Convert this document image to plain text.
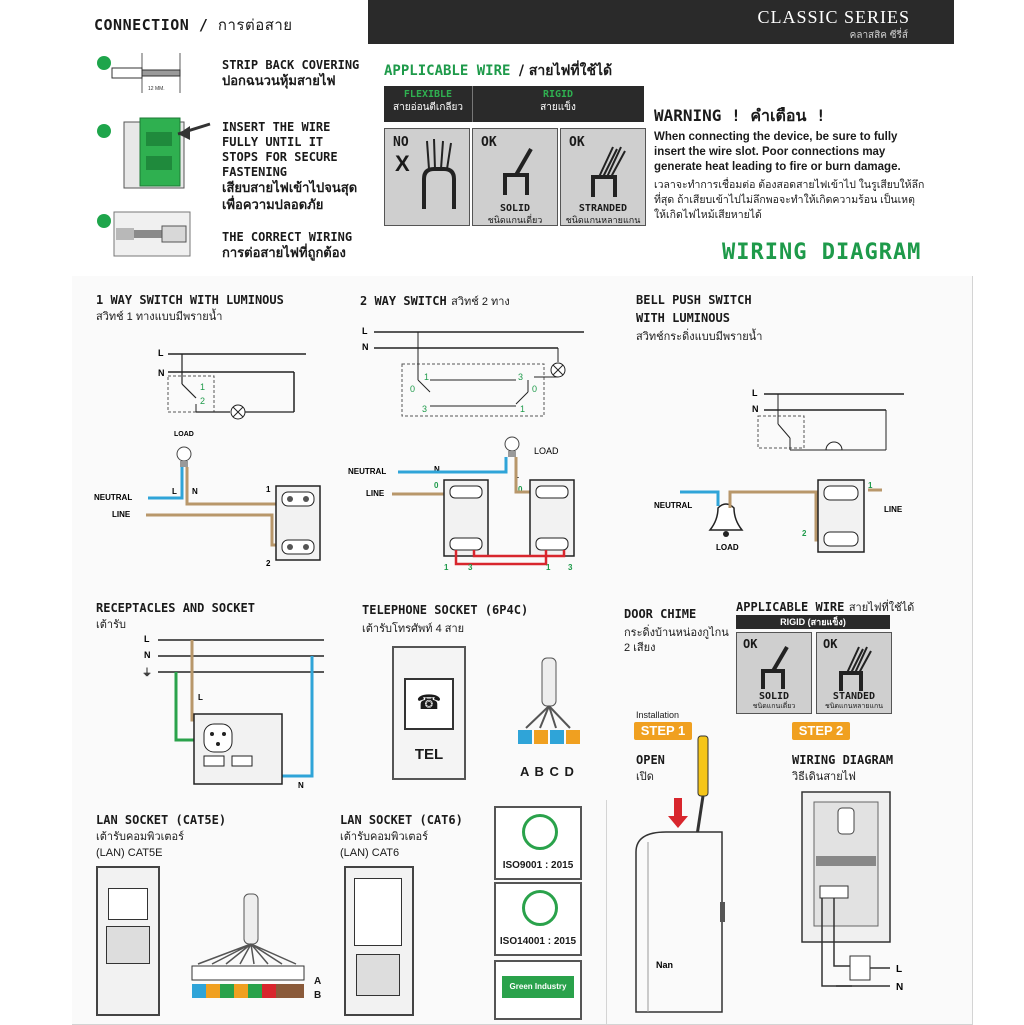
CONNECTION / การต่อสาย	CLASSIC SERIES
คลาสสิค ซีรี่ส์
12 MM.
STRIP BACK COVERING
ปอกฉนวนหุ้มสายไฟ
INSERT THE WIRE FULLY UNTIL IT STOPS FOR SECURE FASTENING
เสียบสายไฟเข้าไปจนสุดเพื่อความปลอดภัย
THE CORRECT WIRING
การต่อสายไฟที่ถูกต้อง
APPLICABLE WIRE / สายไฟที่ใช้ได้
FLEXIBLE
สายอ่อนตีเกลียว
RIGID
สายแข็ง
NO
X
OK
SOLID
ชนิดแกนเดี่ยว
OK
STRANDED
ชนิดแกนหลายแกน
WARNING ! คำเตือน !
When connecting the device, be sure to fully insert the wire slot. Poor connections may generate heat leading to fire or burn damage.
เวลาจะทำการเชื่อมต่อ ต้องสอดสายไฟเข้าไป ในรูเสียบให้ลึกที่สุด ถ้าเสียบเข้าไปไม่ลึกพอจะทำให้เกิดความร้อน เป็นเหตุให้เกิดไฟไหม้เสียหายได้
WIRING DIAGRAM
1 WAY SWITCH WITH LUMINOUS
สวิทช์ 1 ทางแบบมีพรายน้ำ
L
N
1
2
LOAD
NEUTRAL
LINE
L N	1
2
2 WAY SWITCH สวิทช์ 2 ทาง
L
N
0
1
3
3
0
1
LOAD
NEUTRAL
LINE
N
0
L
0
1 3	1 3
BELL PUSH SWITCH
WITH LUMINOUS
สวิทช์กระดิ่งแบบมีพรายน้ำ
L
N
NEUTRAL	LINE
LOAD
1
2
RECEPTACLES AND SOCKET
เต้ารับ
L
N
⏚
L
N
TELEPHONE SOCKET (6P4C)
เต้ารับโทรศัพท์ 4 สาย
☎
TEL
A B C D
DOOR CHIME
กระดิ่งบ้านหน่องกูไกน
2 เสียง
APPLICABLE WIRE สายไฟที่ใช้ได้
RIGID (สายแข็ง)
OK
SOLID
ชนิดแกนเดี่ยว
OK
STANDED
ชนิดแกนหลายแกน
Installation
STEP 1	STEP 2
OPEN
เปิด
WIRING DIAGRAM
วิธีเดินสายไฟ
Nan	L
N
LAN SOCKET (CAT5E)
เต้ารับคอมพิวเตอร์
(LAN) CAT5E
A
B
LAN SOCKET (CAT6)
เต้ารับคอมพิวเตอร์
(LAN) CAT6
ISO9001 : 2015
ISO14001 : 2015
Green Industry
